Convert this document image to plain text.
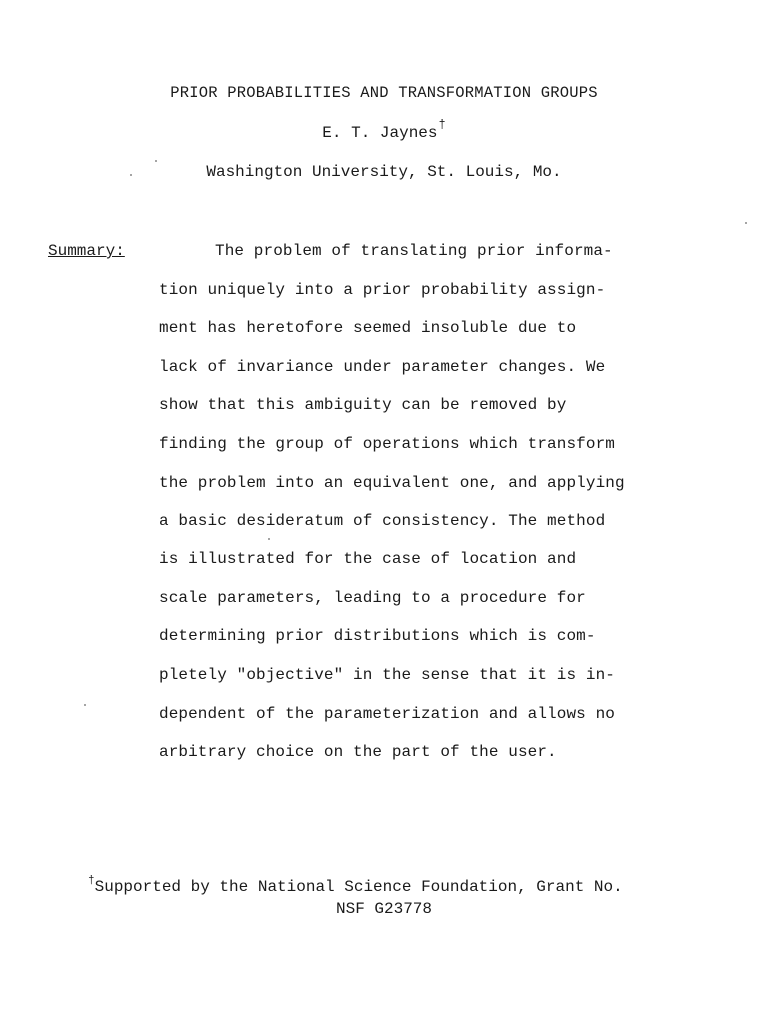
PRIOR PROBABILITIES AND TRANSFORMATION GROUPS
E. T. Jaynes†
Washington University, St. Louis, Mo.
Summary:	The problem of translating prior informa-
tion uniquely into a prior probability assign-
ment has heretofore seemed insoluble due to
lack of invariance under parameter changes. We
show that this ambiguity can be removed by
finding the group of operations which transform
the problem into an equivalent one, and applying
a basic desideratum of consistency. The method
is illustrated for the case of location and
scale parameters, leading to a procedure for
determining prior distributions which is com-
pletely "objective" in the sense that it is in-
dependent of the parameterization and allows no
arbitrary choice on the part of the user.
†Supported by the National Science Foundation, Grant No.
NSF G23778
